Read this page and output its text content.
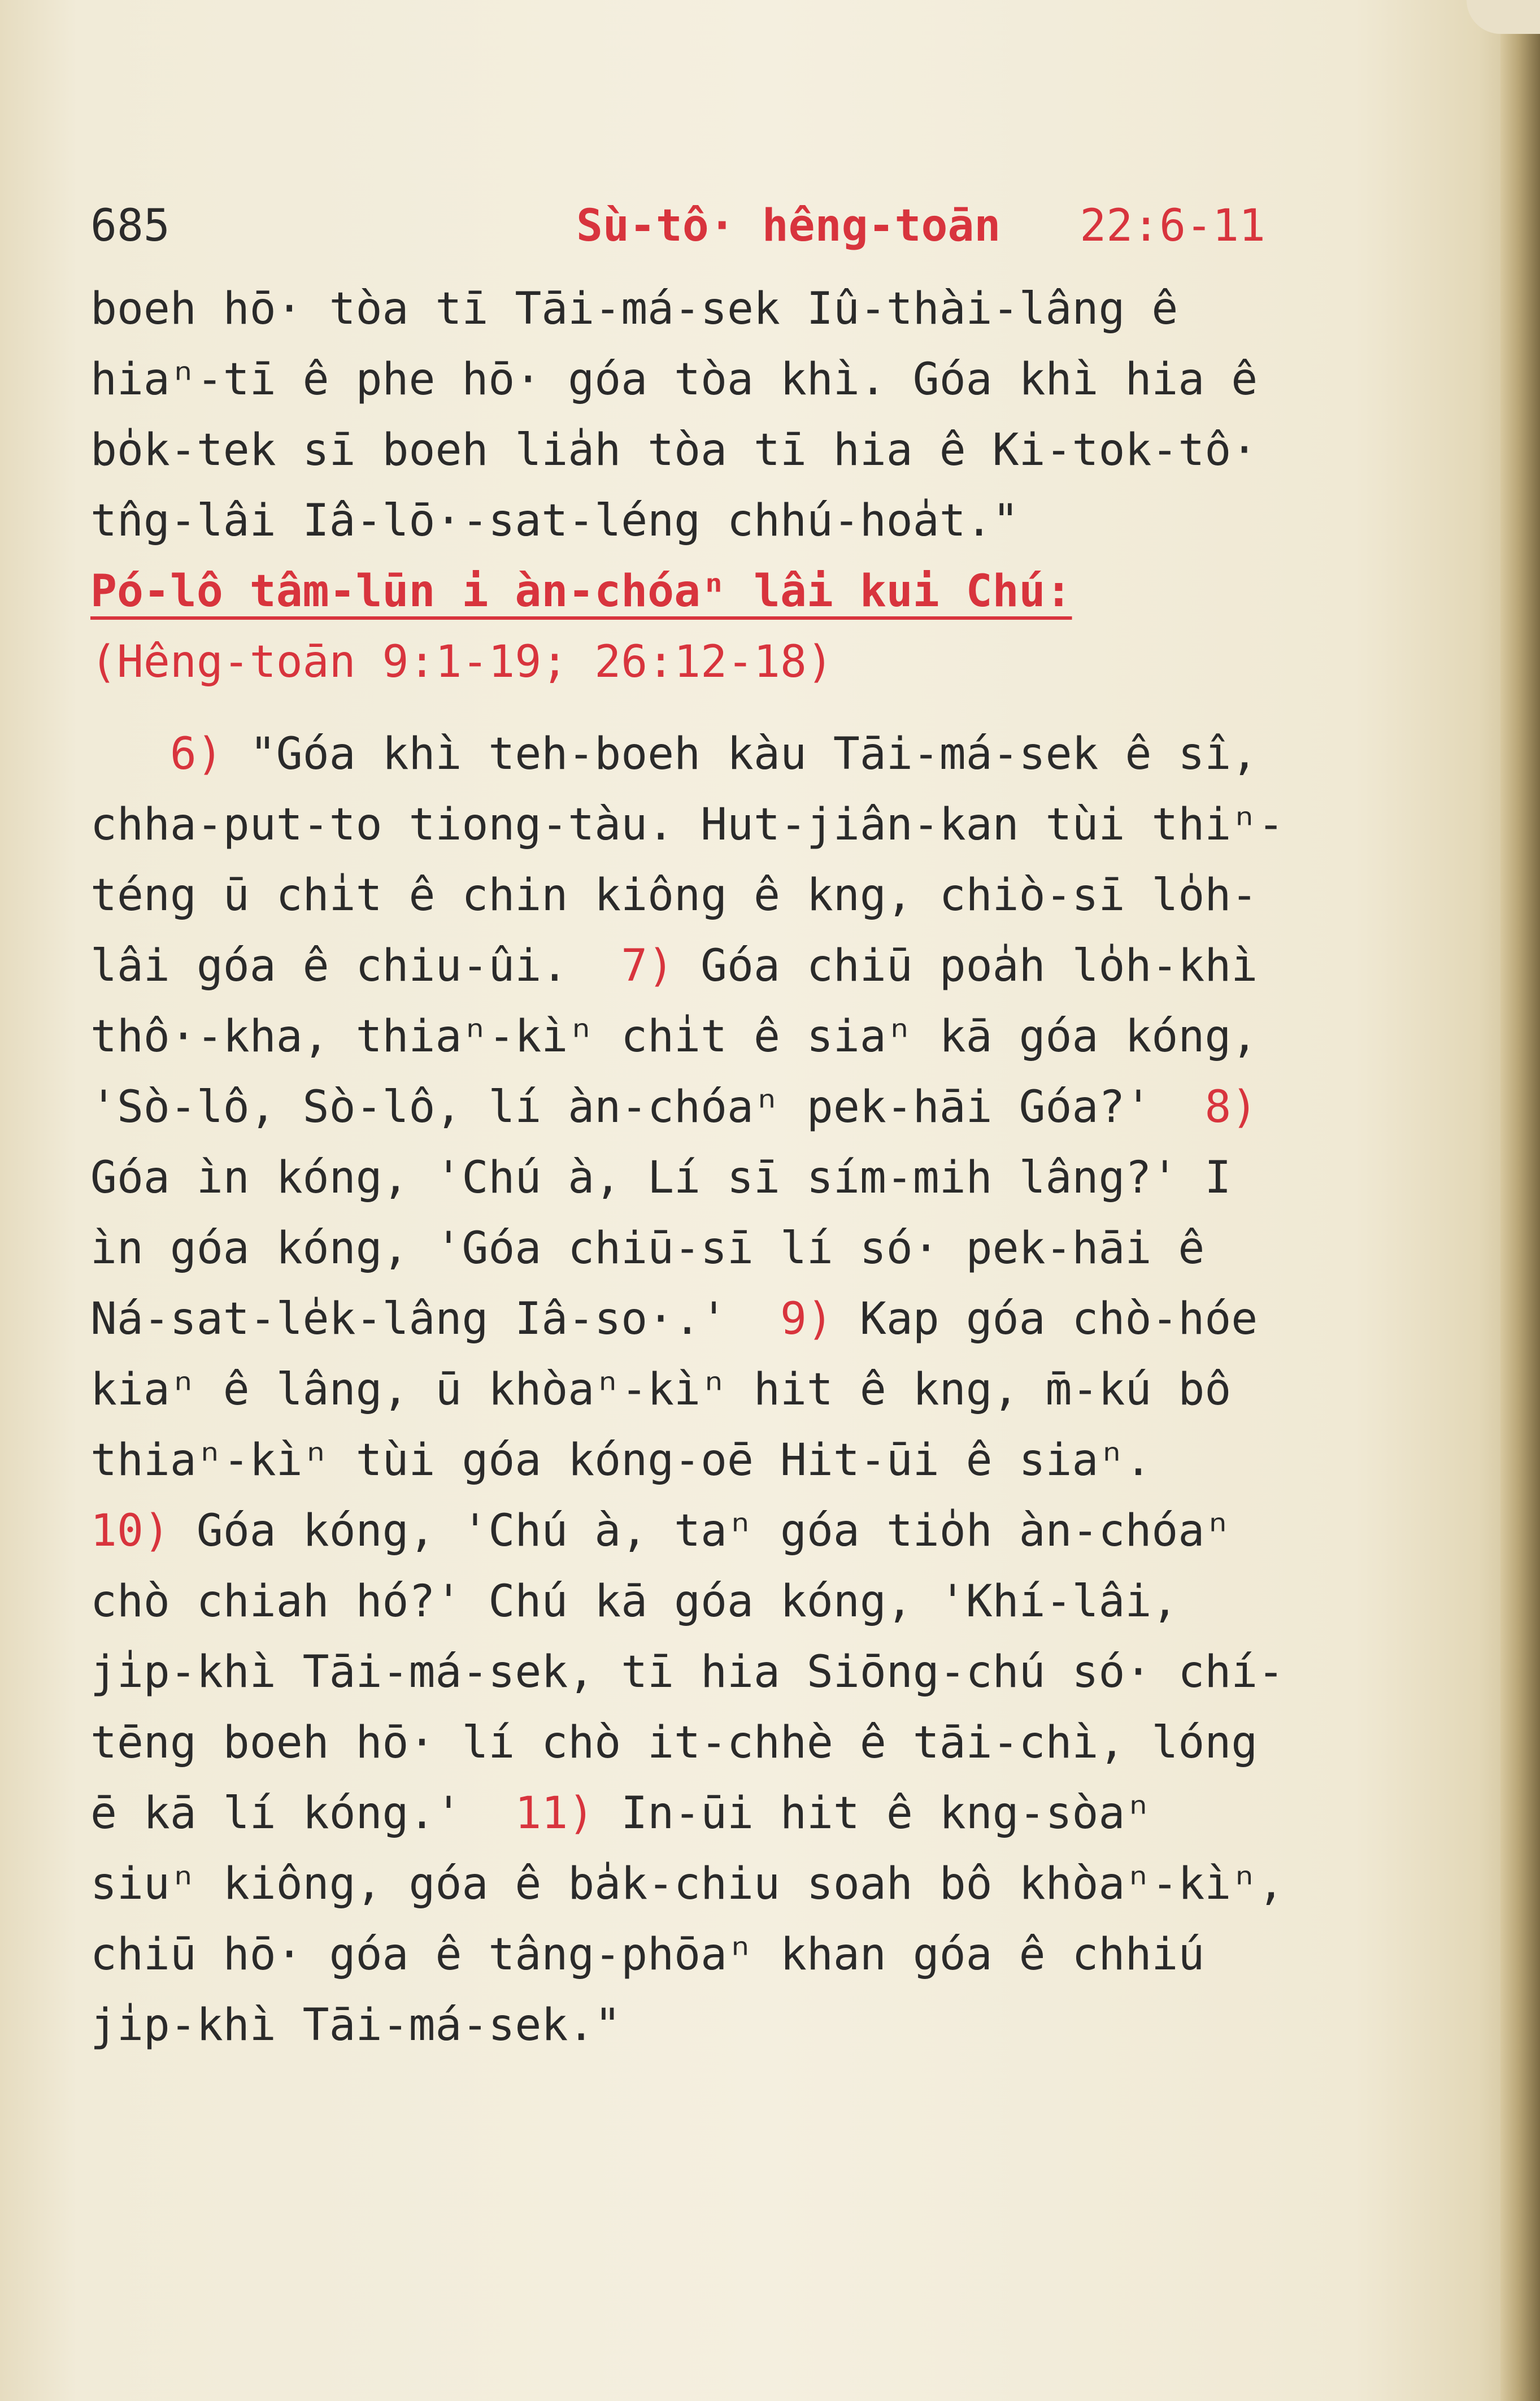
685	Sù-tô· hêng-toān 22:6-11
boeh hō· tòa tī Tāi-má-sek Iû-thài-lâng ê
hiaⁿ-tī ê phe hō· góa tòa khì. Góa khì hia ê
bo̍k-tek sī boeh lia̍h tòa tī hia ê Ki-tok-tô·
tn̂g-lâi Iâ-lō·-sat-léng chhú-hoa̍t."
Pó-lô tâm-lūn i àn-chóaⁿ lâi kui Chú:
(Hêng-toān 9:1-19; 26:12-18)
6) "Góa khì teh-boeh kàu Tāi-má-sek ê sî,
chha-put-to tiong-tàu. Hut-jiân-kan tùi thiⁿ-
téng ū chi̍t ê chin kiông ê kng, chiò-sī lo̍h-
lâi góa ê chiu-ûi. 7) Góa chiū poa̍h lo̍h-khì
thô·-kha, thiaⁿ-kìⁿ chi̍t ê siaⁿ kā góa kóng,
'Sò-lô, Sò-lô, lí àn-chóaⁿ pek-hāi Góa?' 8)
Góa ìn kóng, 'Chú à, Lí sī sím-mih lâng?' I
ìn góa kóng, 'Góa chiū-sī lí só· pek-hāi ê
Ná-sat-le̍k-lâng Iâ-so·.' 9) Kap góa chò-hóe
kiaⁿ ê lâng, ū khòaⁿ-kìⁿ hit ê kng, m̄-kú bô
thiaⁿ-kìⁿ tùi góa kóng-oē Hit-ūi ê siaⁿ.
10) Góa kóng, 'Chú à, taⁿ góa tio̍h àn-chóaⁿ
chò chiah hó?' Chú kā góa kóng, 'Khí-lâi,
ji̍p-khì Tāi-má-sek, tī hia Siōng-chú só· chí-
tēng boeh hō· lí chò it-chhè ê tāi-chì, lóng
ē kā lí kóng.' 11) In-ūi hit ê kng-sòaⁿ
siuⁿ kiông, góa ê ba̍k-chiu soah bô khòaⁿ-kìⁿ,
chiū hō· góa ê tâng-phōaⁿ khan góa ê chhiú
ji̍p-khì Tāi-má-sek."
